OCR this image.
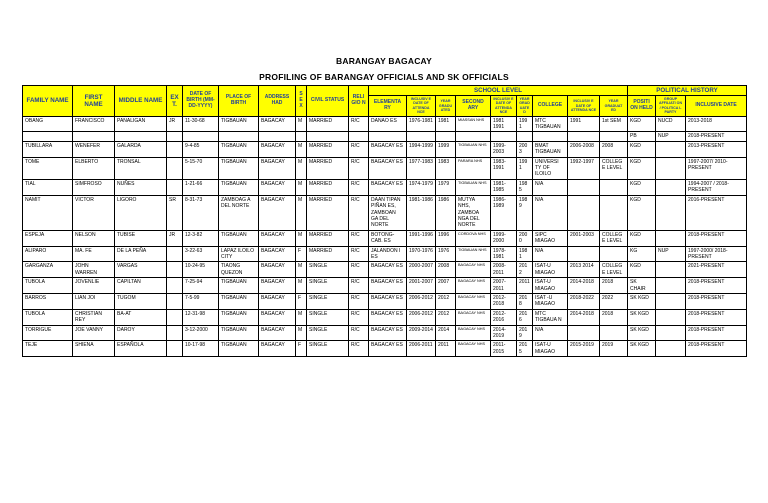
BARANGAY BAGACAY
PROFILING OF BARANGAY OFFICIALS AND SK OFFICIALS
FAMILY NAME	FIRST NAME	MIDDLE NAME	EX T.	DATE OF BIRTH (MM-DD-YYYY)	PLACE OF BIRTH	ADDRESS HAD	S E X	CIVIL STATUS	RELI GIO N	SCHOOL LEVEL									POLITICAL HISTORY		
										ELEMENTA RY	INCLUSIV E DATE OF ATTENDA NCE	YEAR GRADU ATED	SECOND ARY	INCLUSIV E DATE OF ATTENDA NCE	YEAR GRAD UATE D	COLLEGE	INCLUSIV E DATE OF ATTENDA NCE	YEAR GRADUAT ED	POSITI ON HELD	GROUP AFFILIATI ON / POLITICA L PARTY	INCLUSIVE DATE
OBANG	FRANCISCO	PANALIGAN	JR	11-30-68	TIGBAUAN	BAGACAY	M	MARRIED	R/C	DANAO ES	1976-1981	1981	MIASSAN NHS	1981 1991	1991	MTC TIGBAUAN	1991	1st SEM	KGD	NUCD	2013-2018
																			PB	NUP	2018-PRESENT
TUBILLARA	WENEFER	GALARDA		9-4-85	TIGBAUAN	BAGACAY	M	MARRIED	R/C	BAGACAY ES	1994-1999	1999	TIGBAUAN NHS	1999-2003	2003	BMAT TIGBAUAN	2006-2008	2008	KGD		2013-PRESENT
TOME	ELBERTO	TRONSAL		5-15-70	TIGBAUAN	BAGACAY	M	MARRIED	R/C	BAGACAY ES	1977-1983	1983	PARARA NHS	1983-1991	1991	UNIVERSI TY OF ILOILO	1992-1997	COLLEGE LEVEL	KGD		1997-2007/ 2010-PRESENT
TIAL	SIMFROSO	NUÑES		1-21-66	TIGBAUAN	BAGACAY	M	MARRIED	R/C	BAGACAY ES	1974-1979	1979	TIGBAUAN NHS	1981-1985	1985	N/A			KGD		1994-2007 / 2018-PRESENT
NAMIT	VICTOR	LIGORO	SR	8-31-73	ZAMBOAG A DEL NORTE	BAGACAY	M	MARRIED	R/C	DAAN TIPAN PIÑAN ES, ZAMBOAN GA DEL NORTE	1981-1986	1986	MUTYA NHS, ZAMBOA NGA DEL NORTE	1986-1989	1989	N/A			KGD		2016-PRESENT
ESPEJA	NELSON	TUBISE	JR	12-3-82	TIGBAUAN	BAGACAY	M	MARRIED	R/C	BOTONG-CAB. ES	1991-1996	1996	CORDOVA NHS	1999-2000	2000	SIPC MIAGAO	2001-2003	COLLEGE LEVEL	KGD		2018-PRESENT
ALIPARO	MA. FE	DE LA PEÑA		3-22-63	LAPAZ ILOILO CITY	BAGACAY	F	MARRIED	R/C	JALANDON I ES	1970-1976	1976	TIGBAUAN NHS	1978-1981	1981	N/A			KG	NUP	1997-2000/ 2018-PRESENT
GARGANZA	JOHN WARREN	VARGAS		10-24-95	TIAONG QUEZON	BAGACAY	M	SINGLE	R/C	BAGACAY ES	2000-2007	2008	BAGACAY NHS	2008-2011	2012	ISAT-U MIAGAO	2013 2014	COLLEGE LEVEL	KGD		2021-PRESENT
TUBOLA	JOVENLIE	CAPILTAN		7-25-94	TIGBAUAN	BAGACAY	M	SINGLE	R/C	BAGACAY ES	2001-2007	2007	BAGACAY NHS	2007-2011	2011	ISAT-U MIAGAO	2014-2018	2018	SK CHAIR		2018-PRESENT
BARROS	LIAN JOI	TUGOM		7-5-99	TIGBAUAN	BAGACAY	F	SINGLE	R/C	BAGACAY ES	2006-2012	2012	BAGACAY NHS	2012-2018	2018	ISAT -U MIAGAO	2018-2022	2022	SK KGD		2018-PRESENT
TUBOLA	CHRISTIAN REY	BA-AT		12-31-98	TIGBAUAN	BAGACAY	M	SINGLE	R/C	BAGACAY ES	2006-2012	2012	BAGACAY NHS	2012-2016	2016	MTC TIGBAUA N	2014-2018	2018	SK KGD		2018-PRESENT
TORRIGUE	JOE VANNY	DAROY		3-12-2000	TIGBAUAN	BAGACAY	M	SINGLE	R/C	BAGACAY ES	2009-2014	2014	BAGACAY NHS	2014-2019	2019	N/A			SK KGD		2018-PRESENT
TEJE	SHIENA	ESPAÑOLA		10-17-98	TIGBAUAN	BAGACAY	F	SINGLE	R/C	BAGACAY ES	2006-2011	2011	BAGACAY NHS	2011-2015	2015	ISAT-U MIAGAO	2015-2019	2019	SK KGD		2018-PRESENT
